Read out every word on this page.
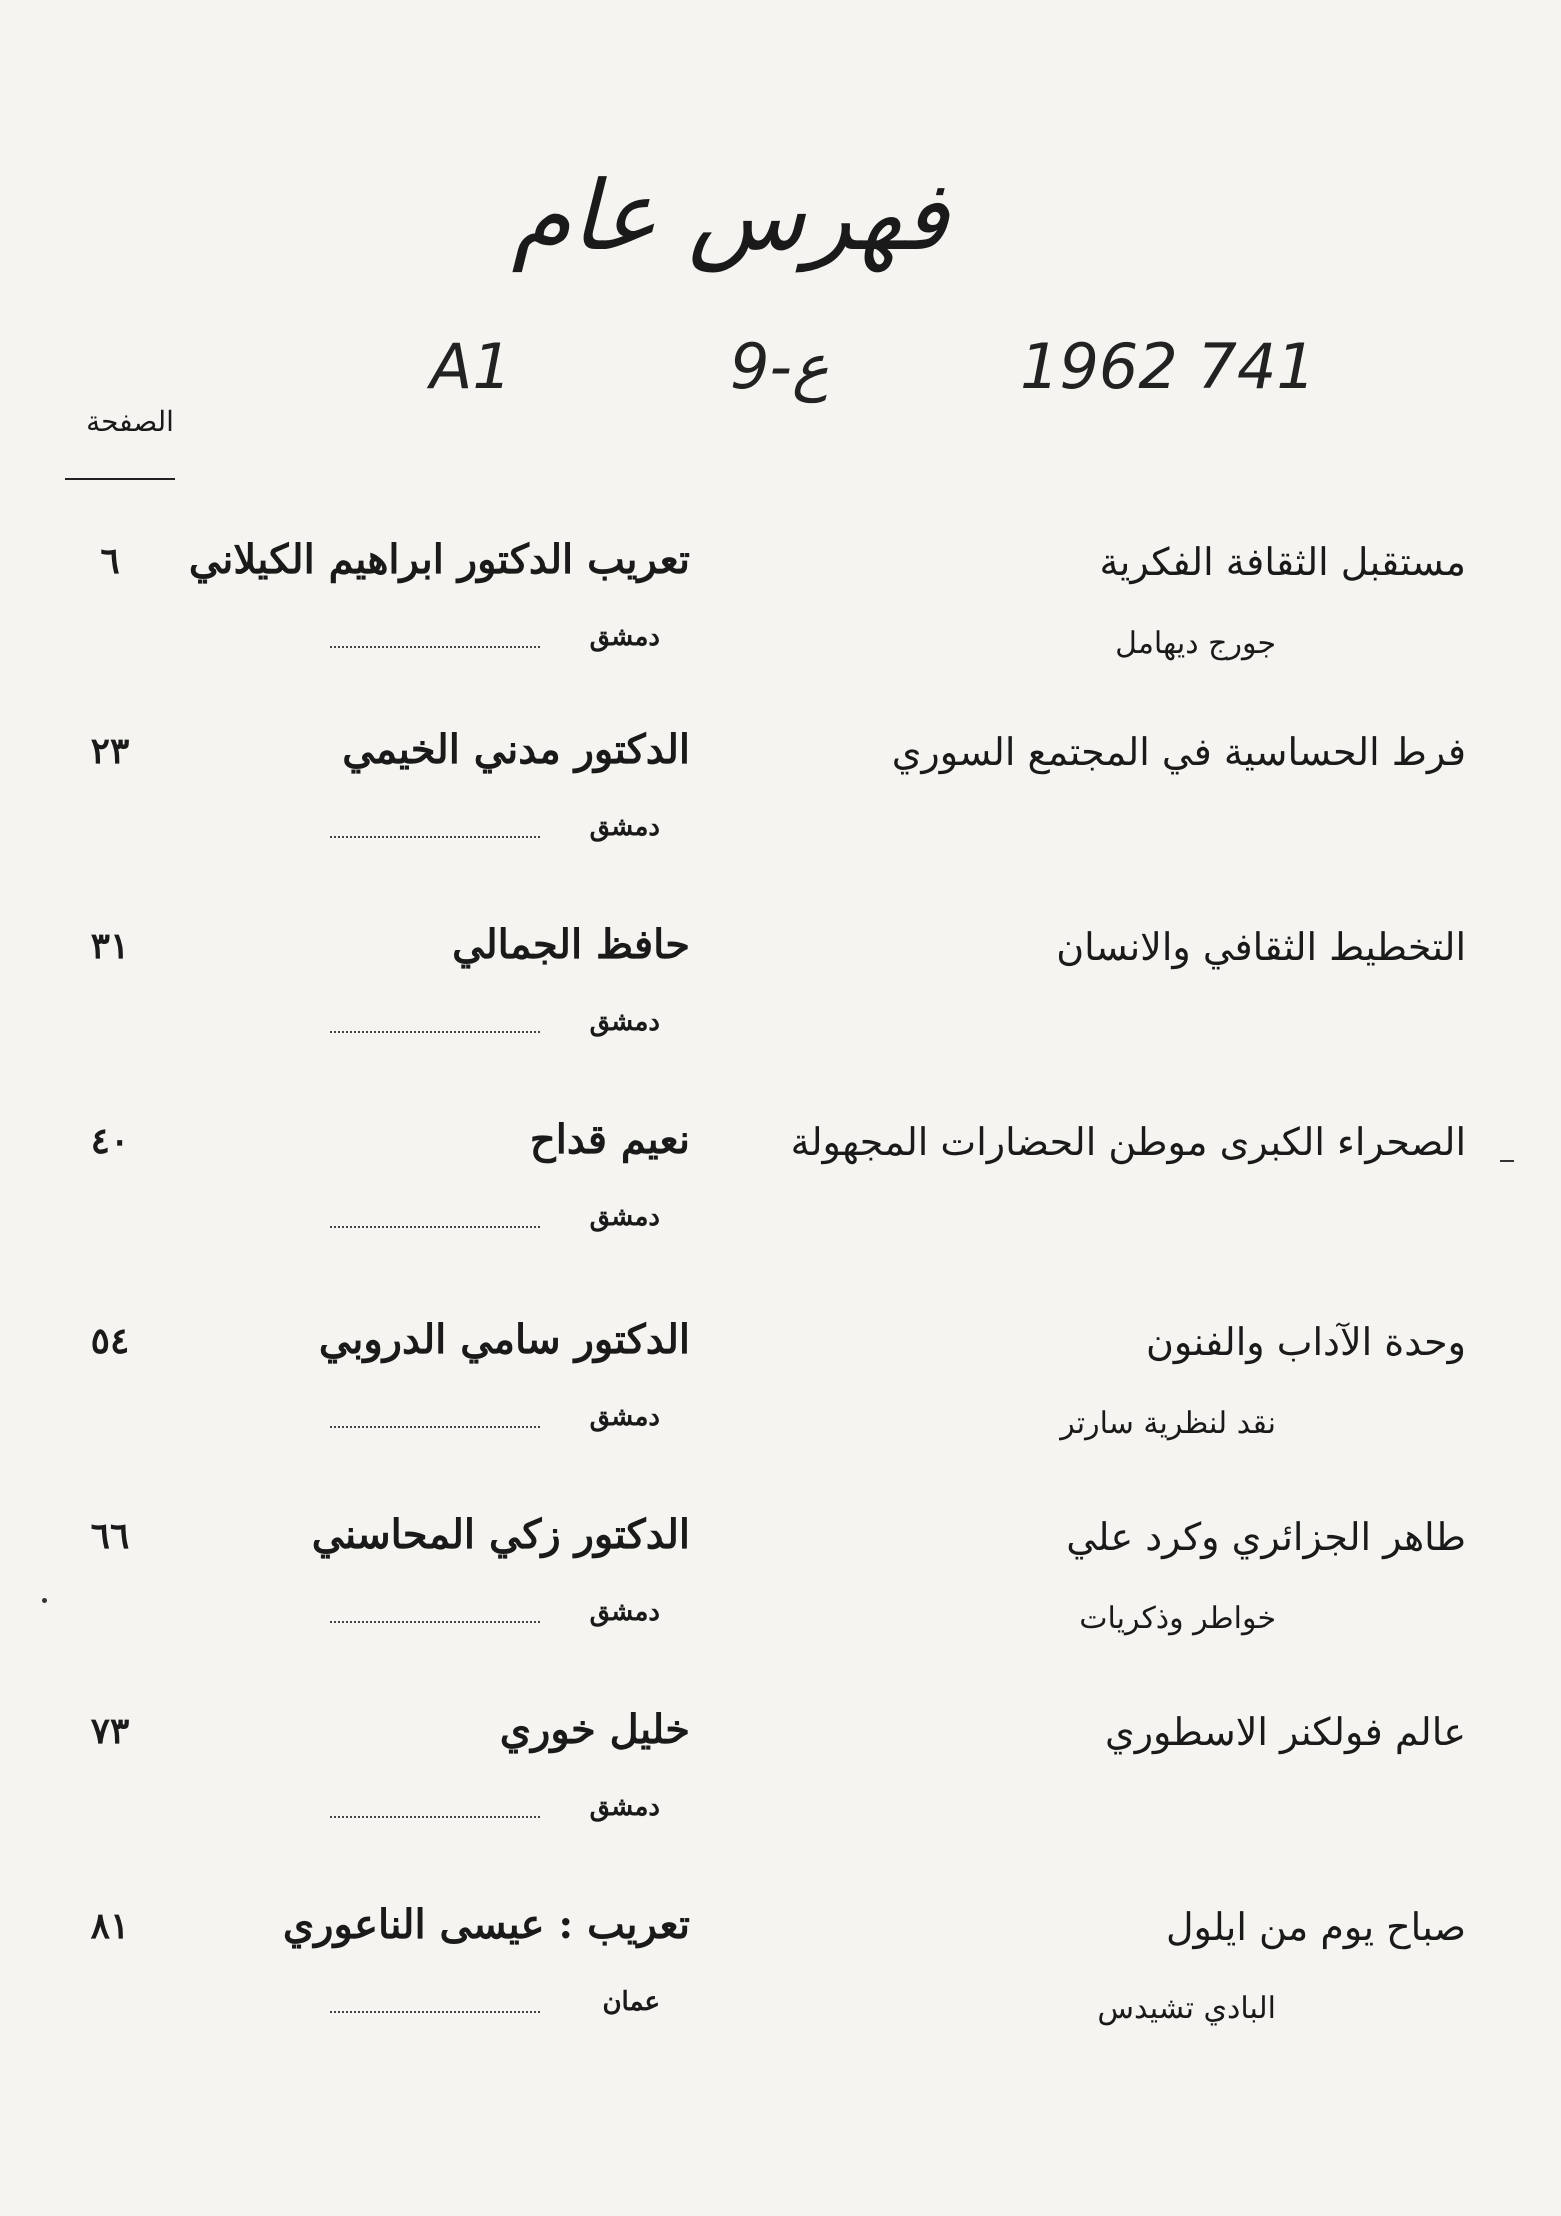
فهرس عام
A1	9-ع	1962 741
الصفحة
مستقبل الثقافة الفكرية
جورج ديهامل
تعريب الدكتور ابراهيم الكيلاني
دمشق
٦
فرط الحساسية في المجتمع السوري
الدكتور مدني الخيمي
دمشق
٢٣
التخطيط الثقافي والانسان
حافظ الجمالي
دمشق
٣١
الصحراء الكبرى موطن الحضارات المجهولة
نعيم قداح
دمشق
٤٠
وحدة الآداب والفنون
نقد لنظرية سارتر
الدكتور سامي الدروبي
دمشق
٥٤
طاهر الجزائري وكرد علي
خواطر وذكريات
الدكتور زكي المحاسني
دمشق
٦٦
عالم فولكنر الاسطوري
خليل خوري
دمشق
٧٣
صباح يوم من ايلول
البادي تشيدس
تعريب : عيسى الناعوري
عمان
٨١
